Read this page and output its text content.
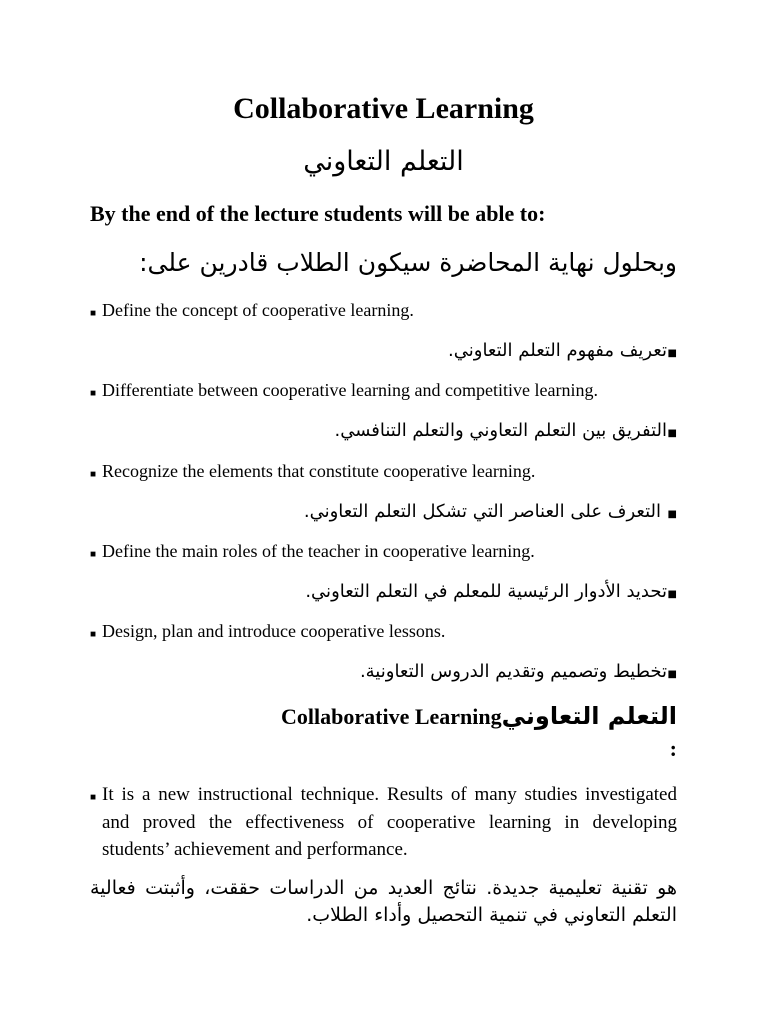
Collaborative Learning
التعلم التعاوني
By the end of the lecture students will be able to:
وبحلول نهاية المحاضرة سيكون الطلاب قادرين على:
■ Define the concept of cooperative learning.
■
تعريف مفهوم التعلم التعاوني.
■ Differentiate between cooperative learning and competitive learning.
■
التفريق بين التعلم التعاوني والتعلم التنافسي.
■ Recognize the elements that constitute cooperative learning.
■
التعرف على العناصر التي تشكل التعلم التعاوني.
■ Define the main roles of the teacher in cooperative learning.
■
تحديد الأدوار الرئيسية للمعلم في التعلم التعاوني.
■ Design, plan and introduce cooperative lessons.
■
تخطيط وتصميم وتقديم الدروس التعاونية.
التعلم التعاونيCollaborative Learning
:
■ It is a new instructional technique. Results of many studies investigated and proved the effectiveness of cooperative learning in developing students’ achievement and performance.
هو تقنية تعليمية جديدة. نتائج العديد من الدراسات حققت، وأثبتت فعالية التعلم التعاوني في تنمية التحصيل وأداء الطلاب.
